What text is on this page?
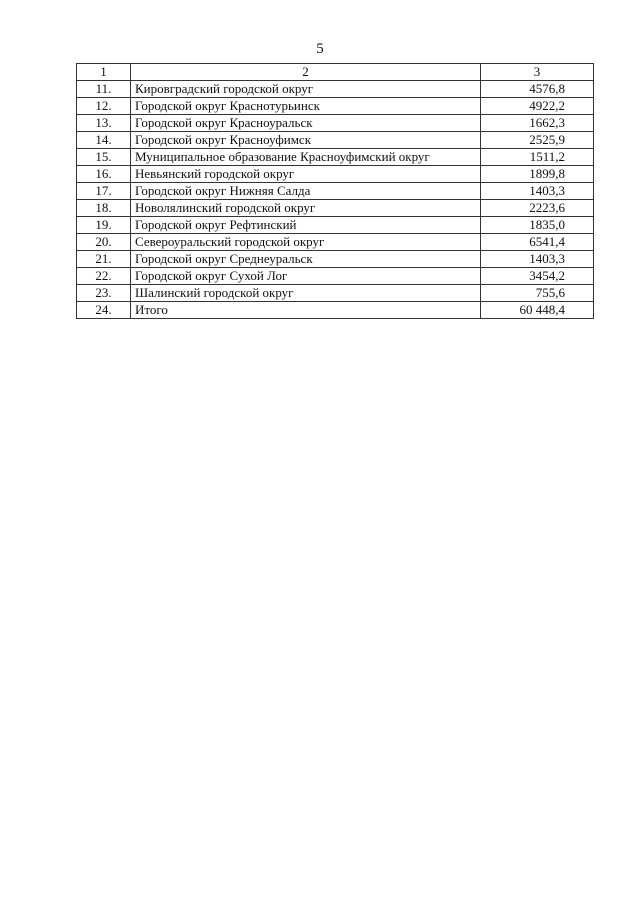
5
1	2	3
11.	Кировградский городской округ	4576,8
12.	Городской округ Краснотурьинск	4922,2
13.	Городской округ Красноуральск	1662,3
14.	Городской округ Красноуфимск	2525,9
15.	Муниципальное образование Красноуфимский округ	1511,2
16.	Невьянский городской округ	1899,8
17.	Городской округ Нижняя Салда	1403,3
18.	Новолялинский городской округ	2223,6
19.	Городской округ Рефтинский	1835,0
20.	Североуральский городской округ	6541,4
21.	Городской округ Среднеуральск	1403,3
22.	Городской округ Сухой Лог	3454,2
23.	Шалинский городской округ	755,6
24.	Итого	60 448,4
